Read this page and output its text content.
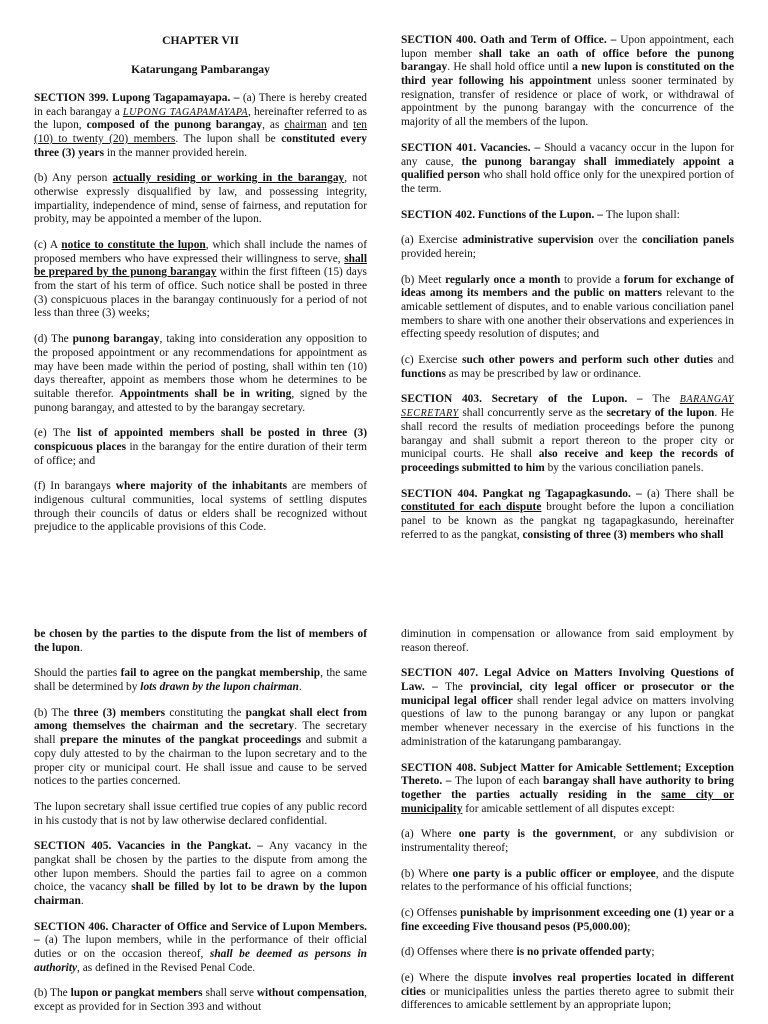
CHAPTER VII
Katarungang Pambarangay

SECTION 399. Lupong Tagapamayapa. – (a) There is hereby created in each barangay a LUPONG TAGAPAMAYAPA, hereinafter referred to as the lupon, composed of the punong barangay, as chairman and ten (10) to twenty (20) members. The lupon shall be constituted every three (3) years in the manner provided herein.

(b) Any person actually residing or working in the barangay, not otherwise expressly disqualified by law, and possessing integrity, impartiality, independence of mind, sense of fairness, and reputation for probity, may be appointed a member of the lupon.

(c) A notice to constitute the lupon, which shall include the names of proposed members who have expressed their willingness to serve, shall be prepared by the punong barangay within the first fifteen (15) days from the start of his term of office. Such notice shall be posted in three (3) conspicuous places in the barangay continuously for a period of not less than three (3) weeks;

(d) The punong barangay, taking into consideration any opposition to the proposed appointment or any recommendations for appointment as may have been made within the period of posting, shall within ten (10) days thereafter, appoint as members those whom he determines to be suitable therefor. Appointments shall be in writing, signed by the punong barangay, and attested to by the barangay secretary.

(e) The list of appointed members shall be posted in three (3) conspicuous places in the barangay for the entire duration of their term of office; and

(f) In barangays where majority of the inhabitants are members of indigenous cultural communities, local systems of settling disputes through their councils of datus or elders shall be recognized without prejudice to the applicable provisions of this Code.

SECTION 400. Oath and Term of Office. – Upon appointment, each lupon member shall take an oath of office before the punong barangay. He shall hold office until a new lupon is constituted on the third year following his appointment unless sooner terminated by resignation, transfer of residence or place of work, or withdrawal of appointment by the punong barangay with the concurrence of the majority of all the members of the lupon.

SECTION 401. Vacancies. – Should a vacancy occur in the lupon for any cause, the punong barangay shall immediately appoint a qualified person who shall hold office only for the unexpired portion of the term.

SECTION 402. Functions of the Lupon. – The lupon shall:

(a) Exercise administrative supervision over the conciliation panels provided herein;

(b) Meet regularly once a month to provide a forum for exchange of ideas among its members and the public on matters relevant to the amicable settlement of disputes, and to enable various conciliation panel members to share with one another their observations and experiences in effecting speedy resolution of disputes; and

(c) Exercise such other powers and perform such other duties and functions as may be prescribed by law or ordinance.

SECTION 403. Secretary of the Lupon. – The BARANGAY SECRETARY shall concurrently serve as the secretary of the lupon. He shall record the results of mediation proceedings before the punong barangay and shall submit a report thereon to the proper city or municipal courts. He shall also receive and keep the records of proceedings submitted to him by the various conciliation panels.

SECTION 404. Pangkat ng Tagapagkasundo. – (a) There shall be constituted for each dispute brought before the lupon a conciliation panel to be known as the pangkat ng tagapagkasundo, hereinafter referred to as the pangkat, consisting of three (3) members who shall

be chosen by the parties to the dispute from the list of members of the lupon.

Should the parties fail to agree on the pangkat membership, the same shall be determined by lots drawn by the lupon chairman.

(b) The three (3) members constituting the pangkat shall elect from among themselves the chairman and the secretary. The secretary shall prepare the minutes of the pangkat proceedings and submit a copy duly attested to by the chairman to the lupon secretary and to the proper city or municipal court. He shall issue and cause to be served notices to the parties concerned.

The lupon secretary shall issue certified true copies of any public record in his custody that is not by law otherwise declared confidential.

SECTION 405. Vacancies in the Pangkat. – Any vacancy in the pangkat shall be chosen by the parties to the dispute from among the other lupon members. Should the parties fail to agree on a common choice, the vacancy shall be filled by lot to be drawn by the lupon chairman.

SECTION 406. Character of Office and Service of Lupon Members. – (a) The lupon members, while in the performance of their official duties or on the occasion thereof, shall be deemed as persons in authority, as defined in the Revised Penal Code.

(b) The lupon or pangkat members shall serve without compensation, except as provided for in Section 393 and without

diminution in compensation or allowance from said employment by reason thereof.

SECTION 407. Legal Advice on Matters Involving Questions of Law. – The provincial, city legal officer or prosecutor or the municipal legal officer shall render legal advice on matters involving questions of law to the punong barangay or any lupon or pangkat member whenever necessary in the exercise of his functions in the administration of the katarungang pambarangay.

SECTION 408. Subject Matter for Amicable Settlement; Exception Thereto. – The lupon of each barangay shall have authority to bring together the parties actually residing in the same city or municipality for amicable settlement of all disputes except:

(a) Where one party is the government, or any subdivision or instrumentality thereof;

(b) Where one party is a public officer or employee, and the dispute relates to the performance of his official functions;

(c) Offenses punishable by imprisonment exceeding one (1) year or a fine exceeding Five thousand pesos (P5,000.00);

(d) Offenses where there is no private offended party;

(e) Where the dispute involves real properties located in different cities or municipalities unless the parties thereto agree to submit their differences to amicable settlement by an appropriate lupon;
